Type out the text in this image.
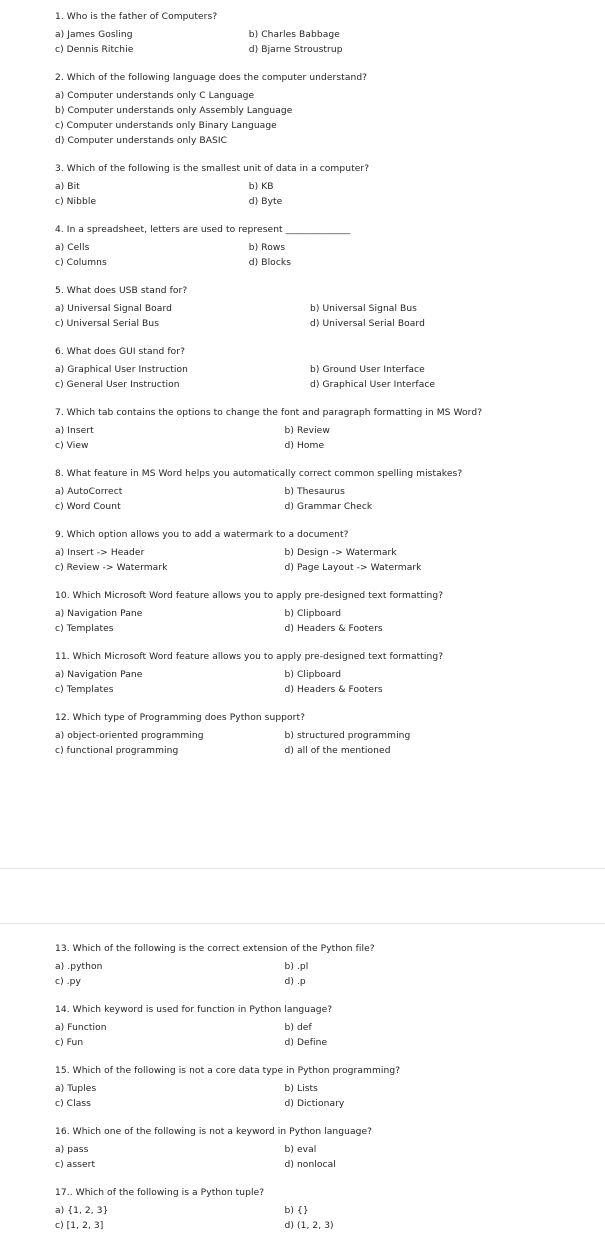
1. Who is the father of Computers?
a) James Gosling	b) Charles Babbage
c) Dennis Ritchie	d) Bjarne Stroustrup
2. Which of the following language does the computer understand?
a) Computer understands only C Language
b) Computer understands only Assembly Language
c) Computer understands only Binary Language
d) Computer understands only BASIC
3. Which of the following is the smallest unit of data in a computer?
a) Bit	b) KB
c) Nibble	d) Byte
4. In a spreadsheet, letters are used to represent ______________
a) Cells	b) Rows
c) Columns	d) Blocks
5. What does USB stand for?
a) Universal Signal Board	b) Universal Signal Bus
c) Universal Serial Bus	d) Universal Serial Board
6. What does GUI stand for?
a) Graphical User Instruction	b) Ground User Interface
c) General User Instruction	d) Graphical User Interface
7. Which tab contains the options to change the font and paragraph formatting in MS Word?
a) Insert	b) Review
c) View	d) Home
8. What feature in MS Word helps you automatically correct common spelling mistakes?
a) AutoCorrect	b) Thesaurus
c) Word Count	d) Grammar Check
9. Which option allows you to add a watermark to a document?
a) Insert -> Header	b) Design -> Watermark
c) Review -> Watermark	d) Page Layout -> Watermark
10. Which Microsoft Word feature allows you to apply pre-designed text formatting?
a) Navigation Pane	b) Clipboard
c) Templates	d) Headers & Footers
11. Which Microsoft Word feature allows you to apply pre-designed text formatting?
a) Navigation Pane	b) Clipboard
c) Templates	d) Headers & Footers
12. Which type of Programming does Python support?
a) object-oriented programming	b) structured programming
c) functional programming	d) all of the mentioned
13. Which of the following is the correct extension of the Python file?
a) .python	b) .pl
c) .py	d) .p
14. Which keyword is used for function in Python language?
a) Function	b) def
c) Fun	d) Define
15. Which of the following is not a core data type in Python programming?
a) Tuples	b) Lists
c) Class	d) Dictionary
16. Which one of the following is not a keyword in Python language?
a) pass	b) eval
c) assert	d) nonlocal
17.. Which of the following is a Python tuple?
a) {1, 2, 3}	b) {}
c) [1, 2, 3]	d) (1, 2, 3)
